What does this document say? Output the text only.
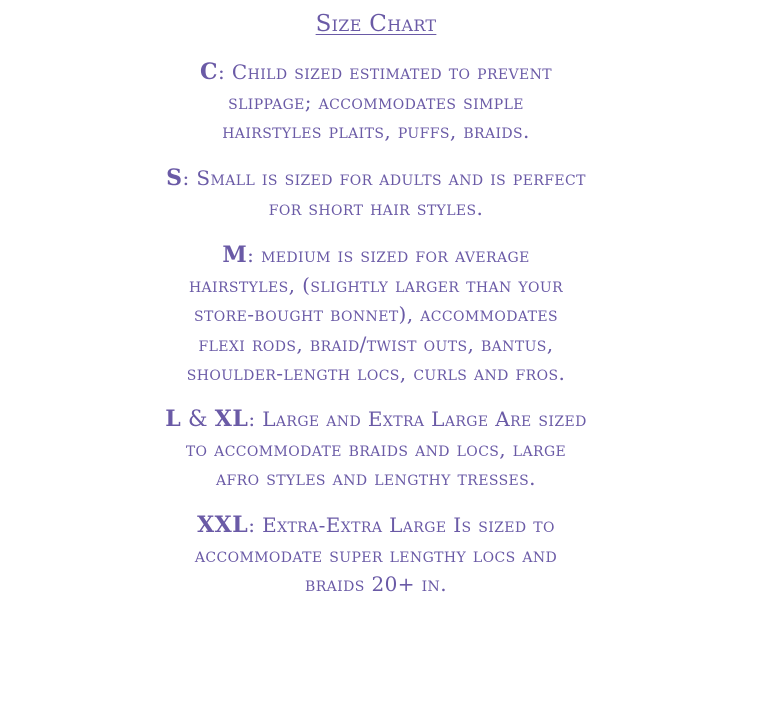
Size Chart
C: Child sized estimated to prevent
slippage; accommodates simple
hairstyles plaits, puffs, braids.
S: Small is sized for adults and is perfect
for short hair styles.
M: medium is sized for average
hairstyles, (slightly larger than your
store-bought bonnet), accommodates
flexi rods, braid/twist outs, bantus,
shoulder-length locs, curls and fros.
L & XL: Large and Extra Large Are sized
to accommodate braids and locs, large
afro styles and lengthy tresses.
XXL: Extra-Extra Large Is sized to
accommodate super lengthy locs and
braids 20+ in.
